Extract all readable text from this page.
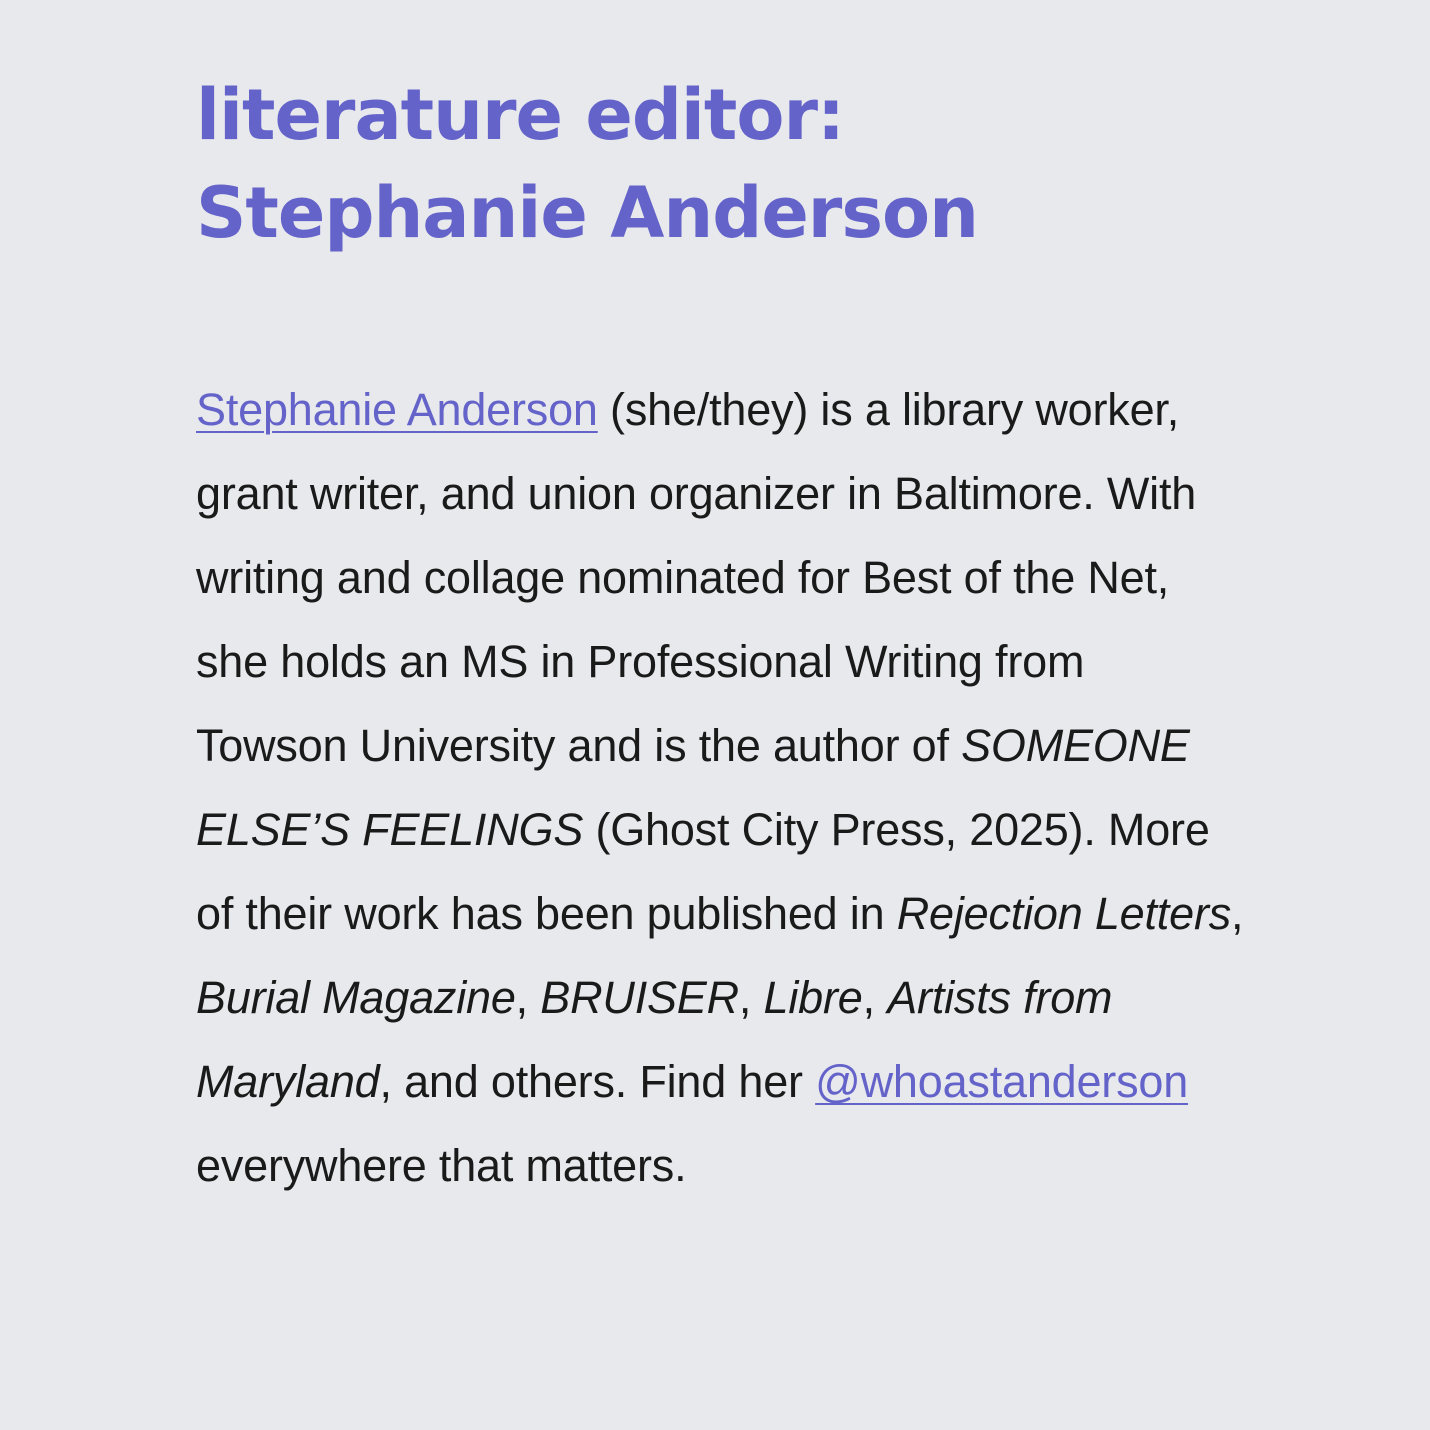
literature editor: Stephanie Anderson

Stephanie Anderson (she/they) is a library worker, grant writer, and union organizer in Baltimore. With writing and collage nominated for Best of the Net, she holds an MS in Professional Writing from Towson University and is the author of SOMEONE ELSE’S FEELINGS (Ghost City Press, 2025). More of their work has been published in Rejection Letters, Burial Magazine, BRUISER, Libre, Artists from Maryland, and others. Find her @whoastanderson everywhere that matters.
